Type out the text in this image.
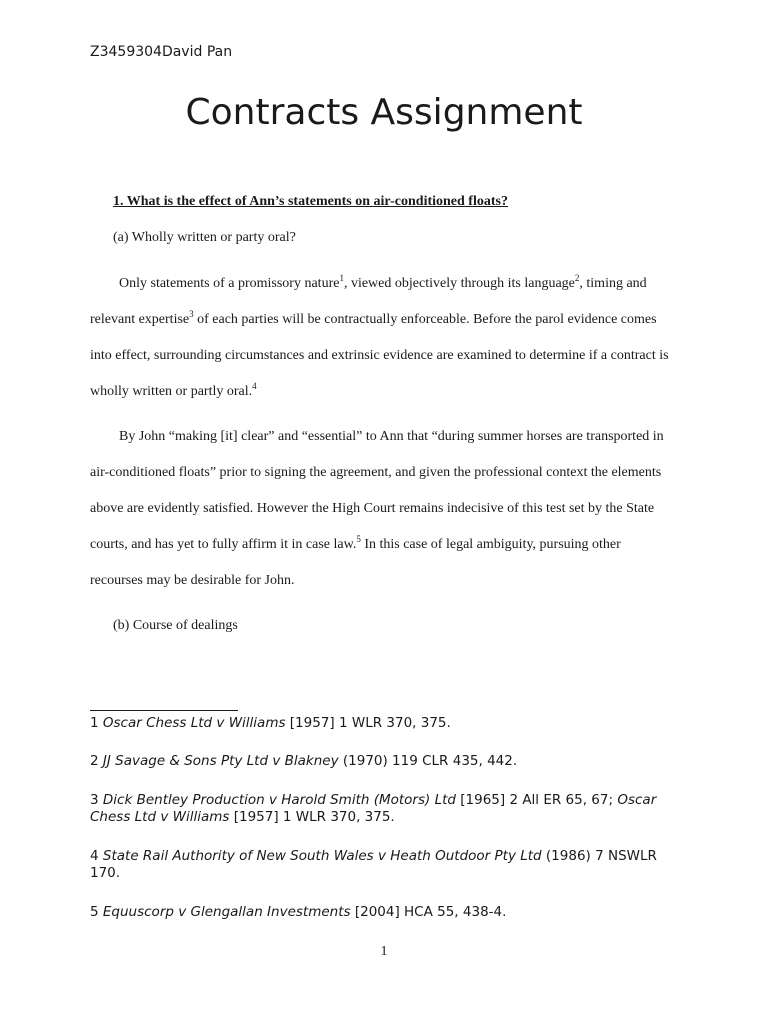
Z3459304David Pan
Contracts Assignment
1. What is the effect of Ann’s statements on air-conditioned floats?
(a) Wholly written or party oral?

Only statements of a promissory nature$^1$, viewed objectively through its language$^2$, timing and relevant expertise$^3$ of each parties will be contractually enforceable. Before the parol evidence comes into effect, surrounding circumstances and extrinsic evidence are examined to determine if a contract is wholly written or partly oral.$^4$

By John “making [it] clear” and “essential” to Ann that “during summer horses are transported in air-conditioned floats” prior to signing the agreement, and given the professional context the elements above are evidently satisfied. However the High Court remains indecisive of this test set by the State courts, and has yet to fully affirm it in case law.$^5$ In this case of legal ambiguity, pursuing other recourses may be desirable for John.

(b) Course of dealings

1 Oscar Chess Ltd v Williams [1957] 1 WLR 370, 375.

2 JJ Savage & Sons Pty Ltd v Blakney (1970) 119 CLR 435, 442.

3 Dick Bentley Production v Harold Smith (Motors) Ltd [1965] 2 All ER 65, 67; Oscar Chess Ltd v Williams [1957] 1 WLR 370, 375.

4 State Rail Authority of New South Wales v Heath Outdoor Pty Ltd (1986) 7 NSWLR 170.

5 Equuscorp v Glengallan Investments [2004] HCA 55, 438-4.

1
